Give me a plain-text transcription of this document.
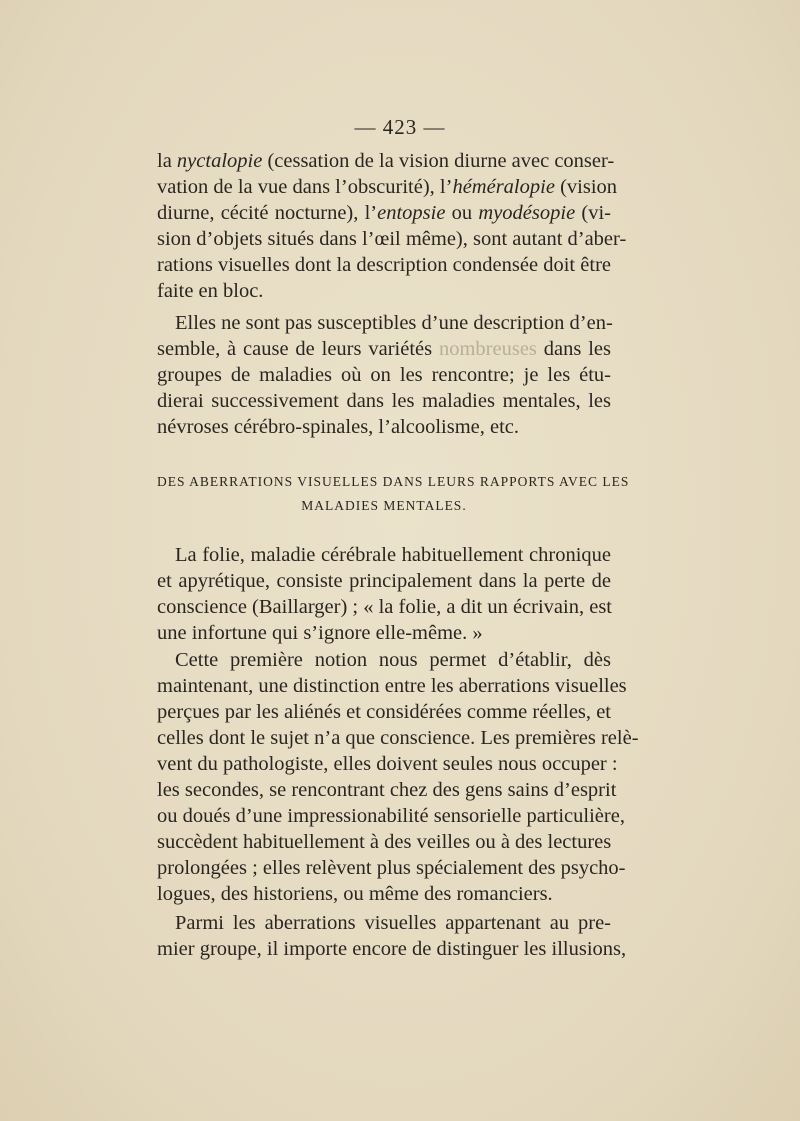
— 423 —
la nyctalopie (cessation de la vision diurne avec conser-
vation de la vue dans l’obscurité), l’héméralopie (vision
diurne, cécité nocturne), l’entopsie ou myodésopie (vi-
sion d’objets situés dans l’œil même), sont autant d’aber-
rations visuelles dont la description condensée doit être
faite en bloc.
Elles ne sont pas susceptibles d’une description d’en-
semble, à cause de leurs variétés nombreuses dans les
groupes de maladies où on les rencontre; je les étu-
dierai successivement dans les maladies mentales, les
névroses cérébro-spinales, l’alcoolisme, etc.
DES ABERRATIONS VISUELLES DANS LEURS RAPPORTS AVEC LES
MALADIES MENTALES.
La folie, maladie cérébrale habituellement chronique
et apyrétique, consiste principalement dans la perte de
conscience (Baillarger) ; « la folie, a dit un écrivain, est
une infortune qui s’ignore elle-même. »
Cette première notion nous permet d’établir, dès
maintenant, une distinction entre les aberrations visuelles
perçues par les aliénés et considérées comme réelles, et
celles dont le sujet n’a que conscience. Les premières relè-
vent du pathologiste, elles doivent seules nous occuper :
les secondes, se rencontrant chez des gens sains d’esprit
ou doués d’une impressionabilité sensorielle particulière,
succèdent habituellement à des veilles ou à des lectures
prolongées ; elles relèvent plus spécialement des psycho-
logues, des historiens, ou même des romanciers.
Parmi les aberrations visuelles appartenant au pre-
mier groupe, il importe encore de distinguer les illusions,
